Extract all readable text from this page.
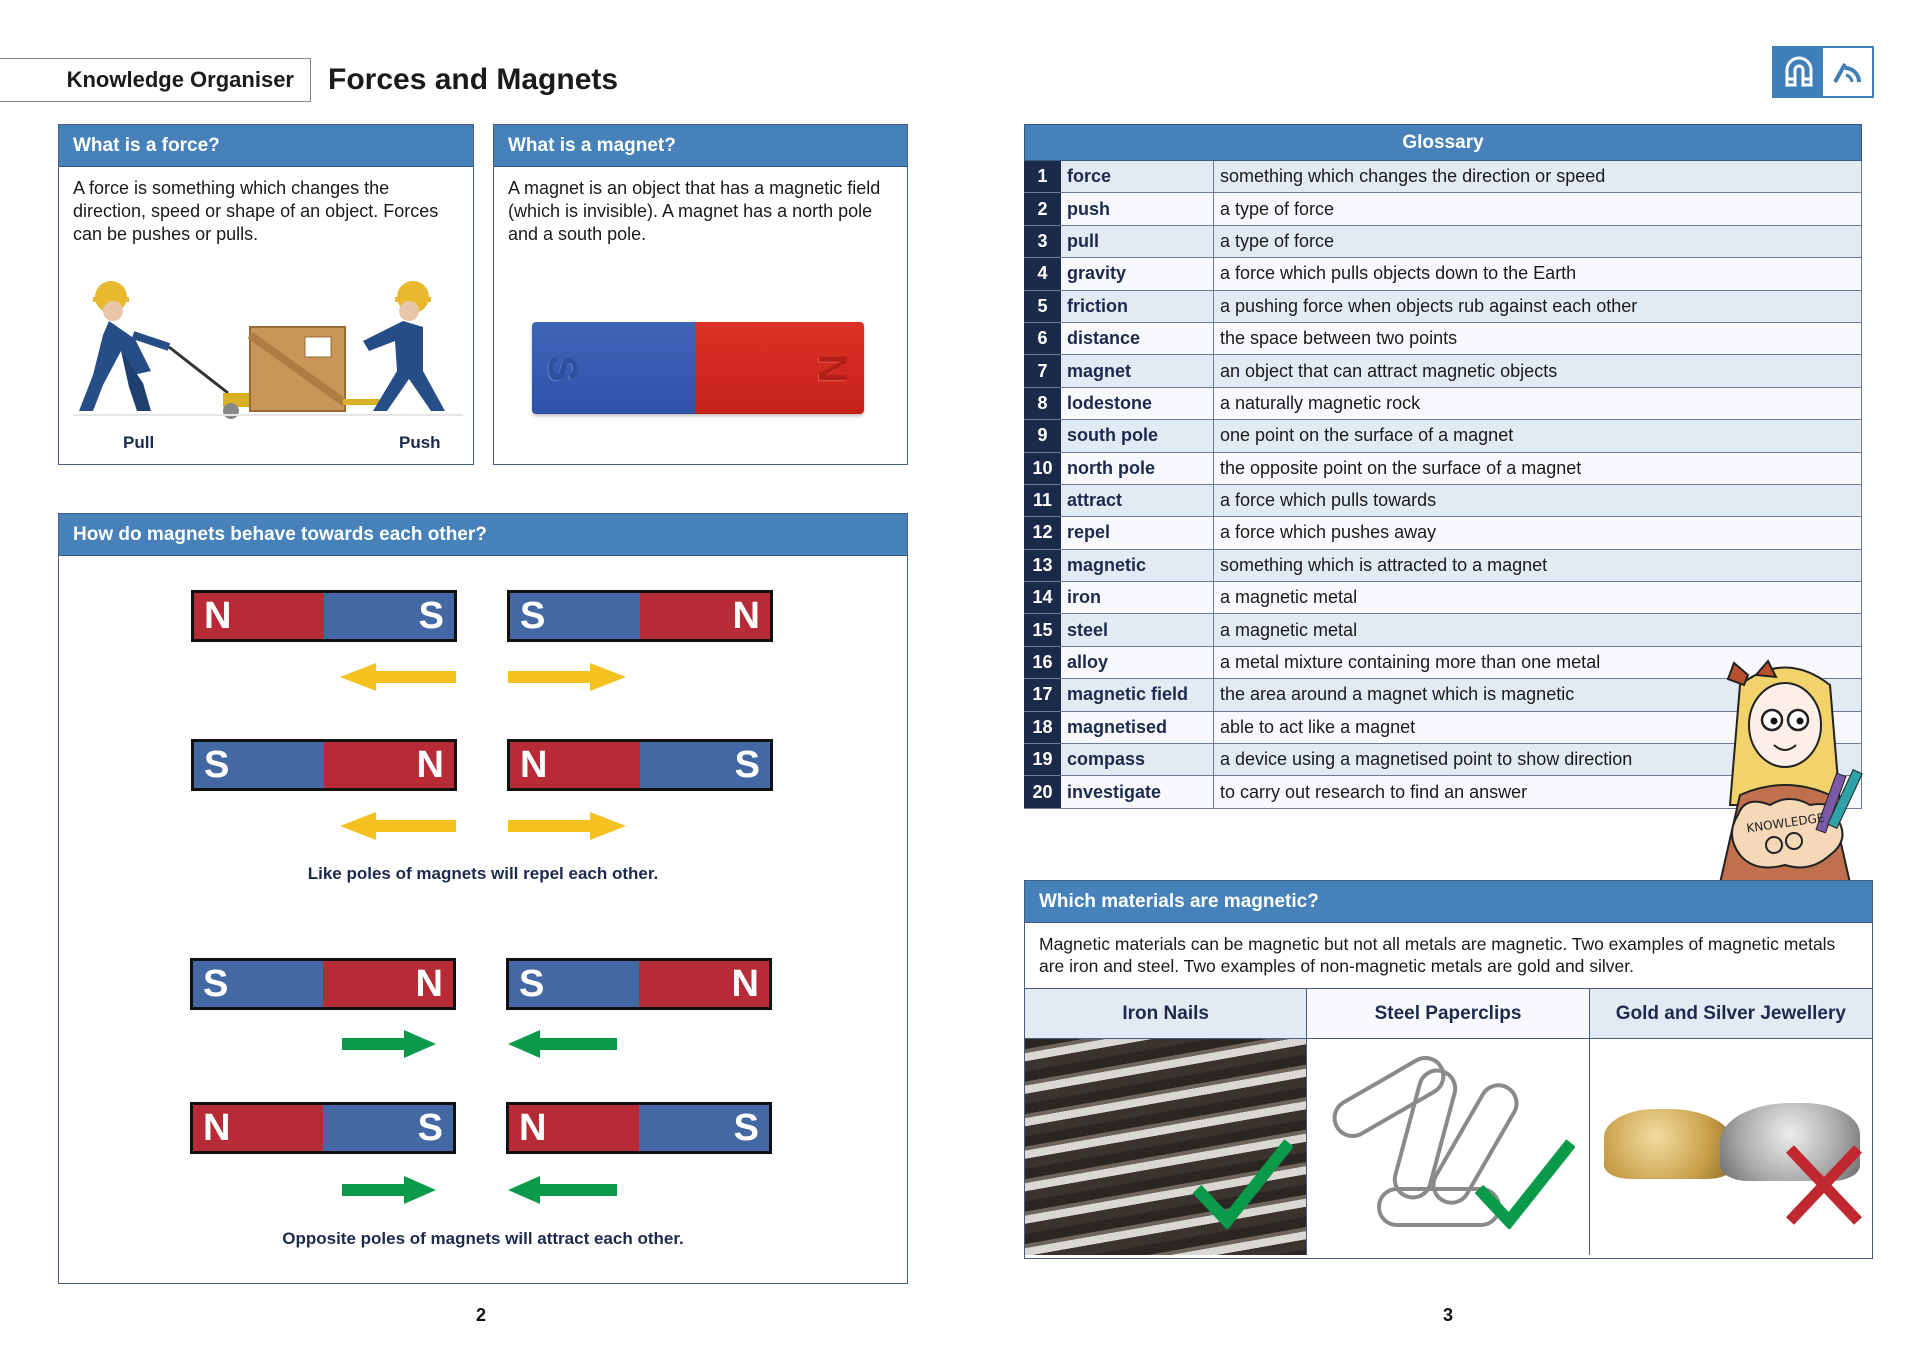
Knowledge Organiser	Forces and Magnets
What is a force?
A force is something which changes the direction, speed or shape of an object. Forces can be pushes or pulls.
Pull	Push
What is a magnet?
A magnet is an object that has a magnetic field (which is invisible). A magnet has a north pole and a south pole.
S	N
How do magnets behave towards each other?
N	S S	N
S	N N	S
Like poles of magnets will repel each other.
S	N S	N
N	S N	S
Opposite poles of magnets will attract each other.
Glossary		
1	force	something which changes the direction or speed
2	push	a type of force
3	pull	a type of force
4	gravity	a force which pulls objects down to the Earth
5	friction	a pushing force when objects rub against each other
6	distance	the space between two points
7	magnet	an object that can attract magnetic objects
8	lodestone	a naturally magnetic rock
9	south pole	one point on the surface of a magnet
10	north pole	the opposite point on the surface of a magnet
11	attract	a force which pulls towards
12	repel	a force which pushes away
13	magnetic	something which is attracted to a magnet
14	iron	a magnetic metal
15	steel	a magnetic metal
16	alloy	a metal mixture containing more than one metal
17	magnetic field	the area around a magnet which is magnetic
18	magnetised	able to act like a magnet
19	compass	a device using a magnetised point to show direction
20	investigate	to carry out research to find an answer
KNOWLEDGE
Which materials are magnetic?
Magnetic materials can be magnetic but not all metals are magnetic. Two examples of magnetic metals are iron and steel. Two examples of non-magnetic metals are gold and silver.
Iron Nails	Steel Paperclips	Gold and Silver Jewellery
2	3
